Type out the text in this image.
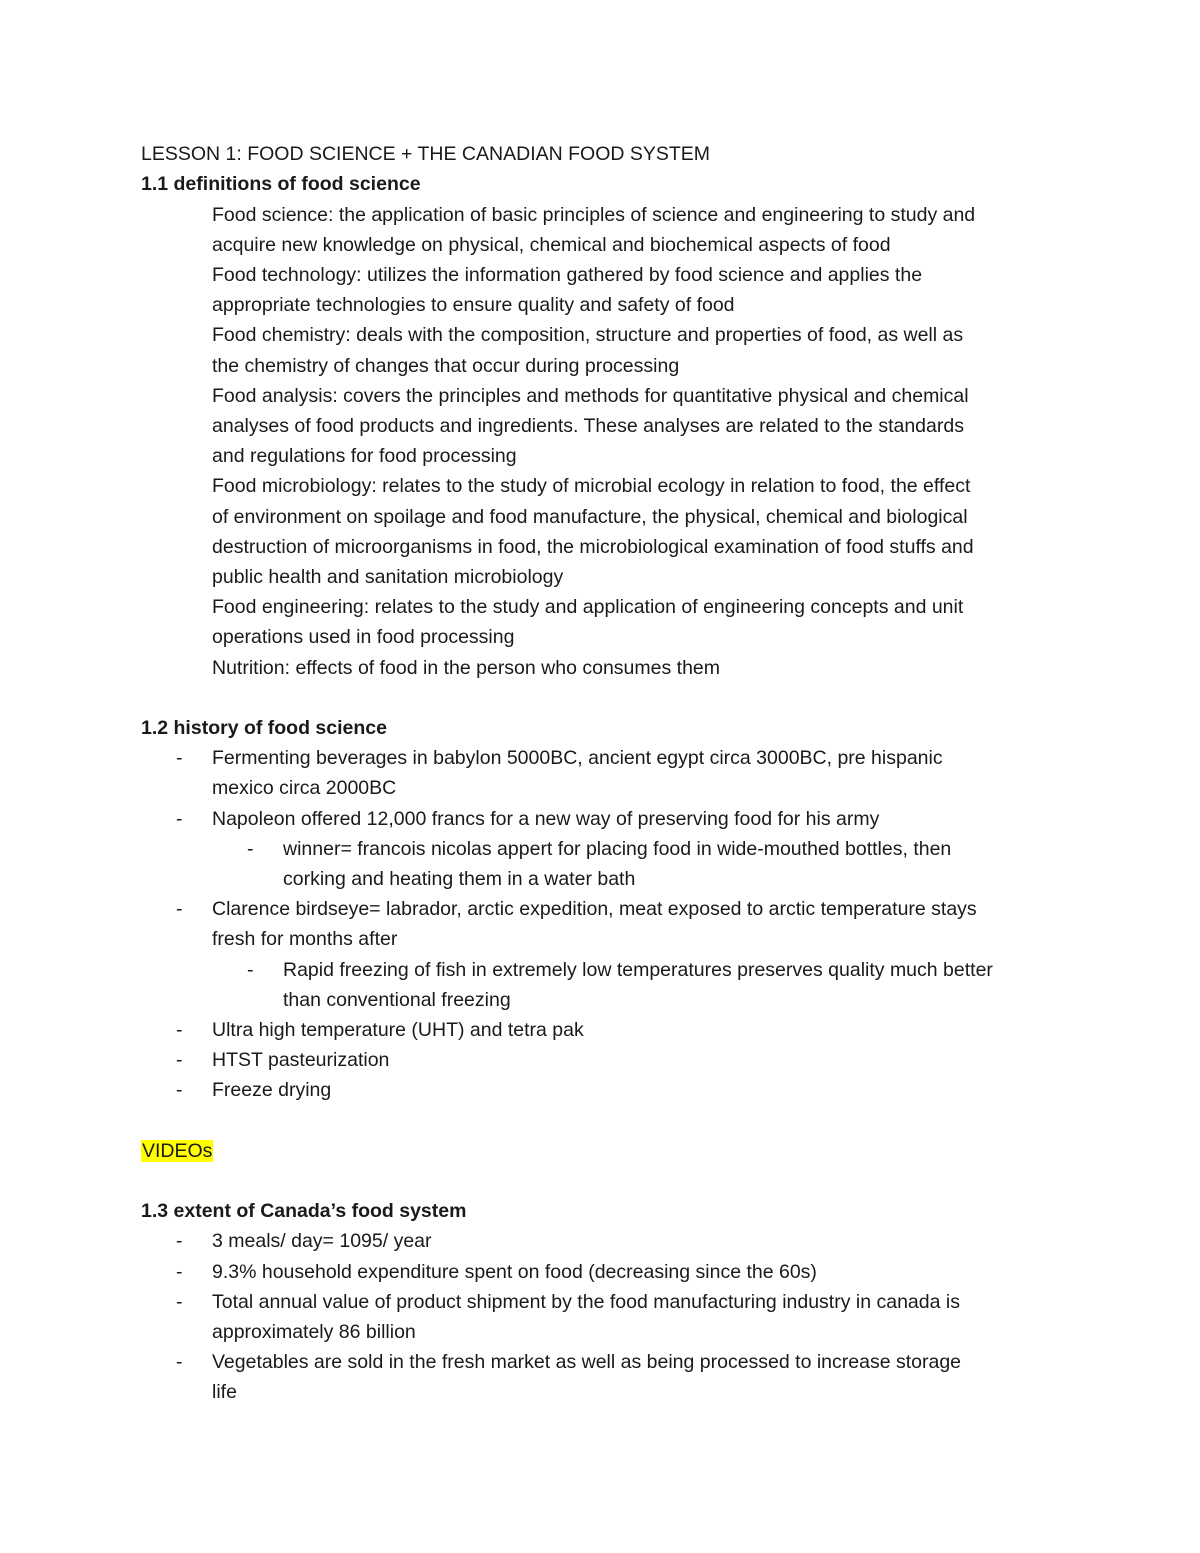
LESSON 1: FOOD SCIENCE + THE CANADIAN FOOD SYSTEM
1.1 definitions of food science
Food science: the application of basic principles of science and engineering to study and
acquire new knowledge on physical, chemical and biochemical aspects of food
Food technology: utilizes the information gathered by food science and applies the
appropriate technologies to ensure quality and safety of food
Food chemistry: deals with the composition, structure and properties of food, as well as
the chemistry of changes that occur during processing
Food analysis: covers the principles and methods for quantitative physical and chemical
analyses of food products and ingredients. These analyses are related to the standards
and regulations for food processing
Food microbiology: relates to the study of microbial ecology in relation to food, the effect
of environment on spoilage and food manufacture, the physical, chemical and biological
destruction of microorganisms in food, the microbiological examination of food stuffs and
public health and sanitation microbiology
Food engineering: relates to the study and application of engineering concepts and unit
operations used in food processing
Nutrition: effects of food in the person who consumes them
1.2 history of food science
- Fermenting beverages in babylon 5000BC, ancient egypt circa 3000BC, pre hispanic
mexico circa 2000BC
- Napoleon offered 12,000 francs for a new way of preserving food for his army
- winner= francois nicolas appert for placing food in wide-mouthed bottles, then
corking and heating them in a water bath
- Clarence birdseye= labrador, arctic expedition, meat exposed to arctic temperature stays
fresh for months after
- Rapid freezing of fish in extremely low temperatures preserves quality much better
than conventional freezing
- Ultra high temperature (UHT) and tetra pak
- HTST pasteurization
- Freeze drying
VIDEOs
1.3 extent of Canada’s food system
- 3 meals/ day= 1095/ year
- 9.3% household expenditure spent on food (decreasing since the 60s)
- Total annual value of product shipment by the food manufacturing industry in canada is
approximately 86 billion
- Vegetables are sold in the fresh market as well as being processed to increase storage
life
